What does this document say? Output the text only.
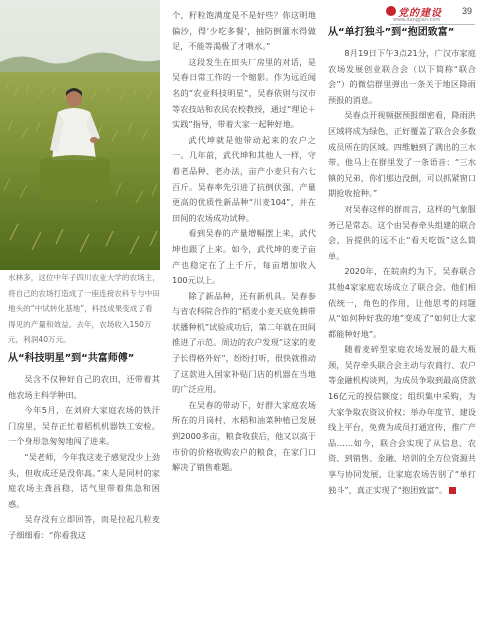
党的建设
www.dangjian.com
39
水林多，这位中年子四川农业大学的农场主，将自己的农场打造成了一座连接农科专与中田地头的“中试转化基地”，科技成果变成了看得见的产量和效益。去年，农场收入150万元，利润40万元。
从“科技明星”到“共富师傅”

吴含不仅种好自己的农田，还带着其他农场主科学种田。

今年5月，在刘府大家庭农场的铁汗门房里，吴存正忙着稻机机器铁工安检。一个身形急匆匆地闯了进来。

“吴老师，今年我这麦子感觉没少上劲头，但收成还是没你高。”来人是同村的家庭农场主龚昌稳，话气里带着焦急和困惑。

吴存没有立即回答，而是拉起几粒麦子细细看：“你看我这

个，籽粒饱满度是不是好些？你这明地偏沙，得‘少吃多餐’，抽防倒灌水得做足，不能等渴极了才喂水。”

这段发生在田头厂房里的对话，是吴春日常工作的一个缩影。作为远近闻名的“农业科技明星”，吴春依则与汉市等农技站和农民农校教授，通过“理论＋实践”指导，带着大家一起种好地。

武代坤就是他带动起来的农户之一。几年前，武代坤和其他人一样，守着老品种、老办法，亩产小麦只有六七百斤。吴春率先引进了抗倒伏强、产量更高的优质性新品种“川麦104”，并在田间的农场成功试种。

看到吴春的产量增幅摆上来，武代坤也跟了上来。如今，武代坤的麦子亩产也稳定在了上千斤，每亩增加收入100元以上。

除了新品种，还有新机具。吴春参与省农科院合作的“稻麦小麦天底免耕带状播种机”试验成功后，第二年就在田间推进了示范。周边的农户发现“这家的麦子长得格外好”，纷纷打听，很快就推动了这款进入国家补贴门店的机器在当地的广泛应用。

在吴春的带动下，好群大家庭农场所在的月岗村，水稻和油菜种植已发展到2000多亩，粮食收获后，他又以高于市价的价格收购农户的粮食，在家门口解决了销售难题。

从“单打独斗”到“抱团致富”

8月19日下午3点21分，广汉市家庭农场发展创业联合会（以下简称“联合会”）的微信群里弹出一条关于地区降雨预报的消息。

吴春点开视频据预报细密看，降雨洪区域将成为绿色，正好覆盖了联合会多数成员所在的区域。四维触到了满出的三水带。他马上在群里发了一条语音：“三水镇的兄弟，你们那边没倒，可以抓紧窗口期抢收抢种。”

对吴春这样的群而言，这样的气象服务已是常态。这个由吴春牵头组建的联合会，旨提供的远不止“看天吃饭”这么简单。

2020年，在皖南约为下，吴春联合其他4家家庭农场成立了联合会。他们相依统一，角色的作用，让他思考的问题从“如何种好我的地”变成了“如何让大家都能种好地”。

随着麦碎型家庭农场发展的最大瓶颈，吴存牵头联合会主动与农商行、农户等金融机构谈判，为成员争取到最高贷款16亿元的授信额度；组织集中采购，为大家争取农资议价权；举办年度节、建设线上平台，免费为成员打通宣传，推广产品……如今，联合会实现了从信息、农资、到销售、金融、培训的全方位资源共享与协同发展，让家庭农场告别了“单打独斗”，真正实现了“抱团致富”。
